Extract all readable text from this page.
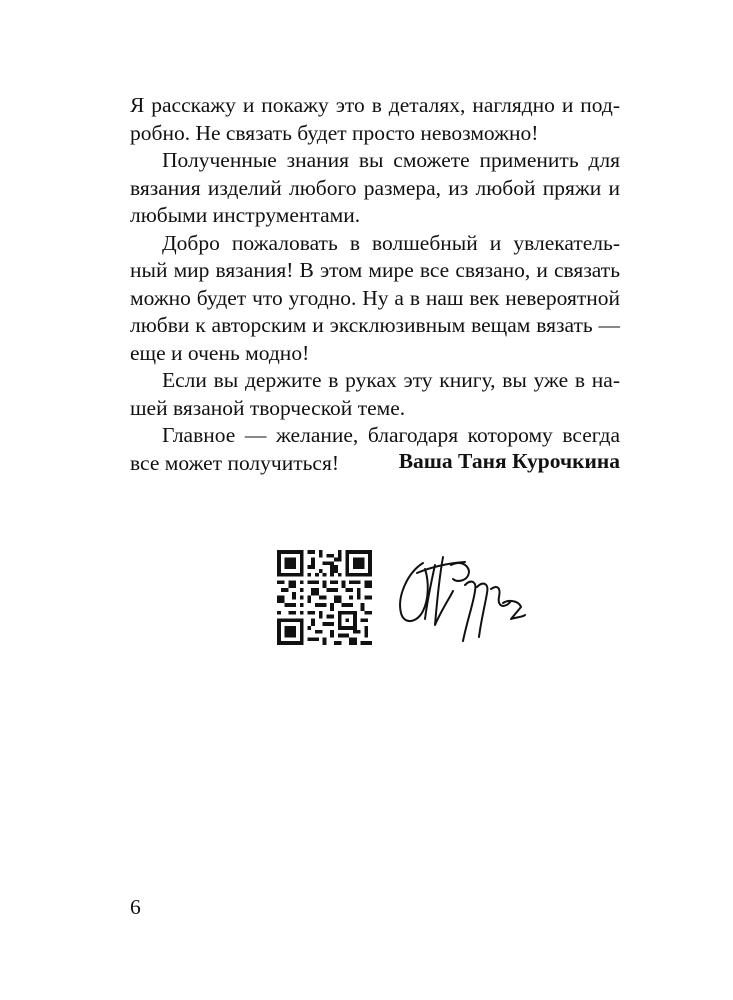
Я расскажу и покажу это в деталях, наглядно и под-
робно. Не связать будет просто невозможно!
Полученные знания вы сможете применить для
вязания изделий любого размера, из любой пряжи и
любыми инструментами.
Добро пожаловать в волшебный и увлекатель-
ный мир вязания! В этом мире все связано, и связать
можно будет что угодно. Ну а в наш век невероятной
любви к авторским и эксклюзивным вещам вязать —
еще и очень модно!
Если вы держите в руках эту книгу, вы уже в на-
шей вязаной творческой теме.
Главное — желание, благодаря которому всегда
все может получиться!	Ваша Таня Курочкина
6
